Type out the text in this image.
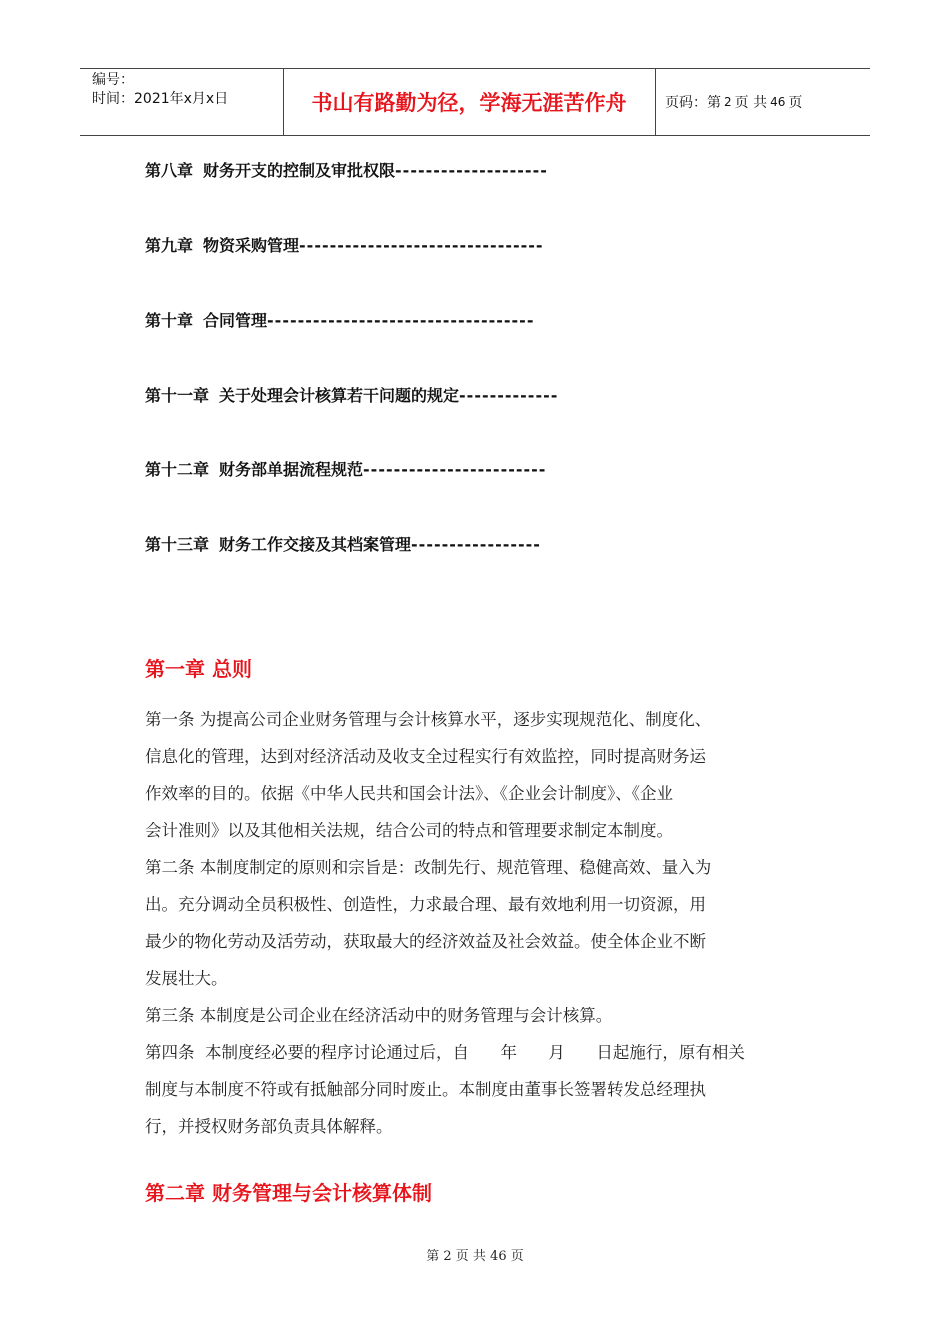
编号：
时间：2021年x月x日	书山有路勤为径，学海无涯苦作舟	页码：第 2 页 共 46 页
第八章 财务开支的控制及审批权限--------------------
第九章 物资采购管理--------------------------------
第十章 合同管理-----------------------------------
第十一章 关于处理会计核算若干问题的规定-------------
第十二章 财务部单据流程规范------------------------
第十三章 财务工作交接及其档案管理-----------------
第一章 总则

第一条 为提高公司企业财务管理与会计核算水平，逐步实现规范化、制度化、

信息化的管理，达到对经济活动及收支全过程实行有效监控，同时提高财务运

作效率的目的。依据《中华人民共和国会计法》、《企业会计制度》、《企业

会计准则》以及其他相关法规，结合公司的特点和管理要求制定本制度。

第二条 本制度制定的原则和宗旨是：改制先行、规范管理、稳健高效、量入为

出。充分调动全员积极性、创造性，力求最合理、最有效地利用一切资源，用

最少的物化劳动及活劳动，获取最大的经济效益及社会效益。使全体企业不断

发展壮大。

第三条 本制度是公司企业在经济活动中的财务管理与会计核算。

第四条  本制度经必要的程序讨论通过后，自      年      月      日起施行，原有相关

制度与本制度不符或有抵触部分同时废止。本制度由董事长签署转发总经理执

行，并授权财务部负责具体解释。

第二章 财务管理与会计核算体制
第 2 页 共 46 页
